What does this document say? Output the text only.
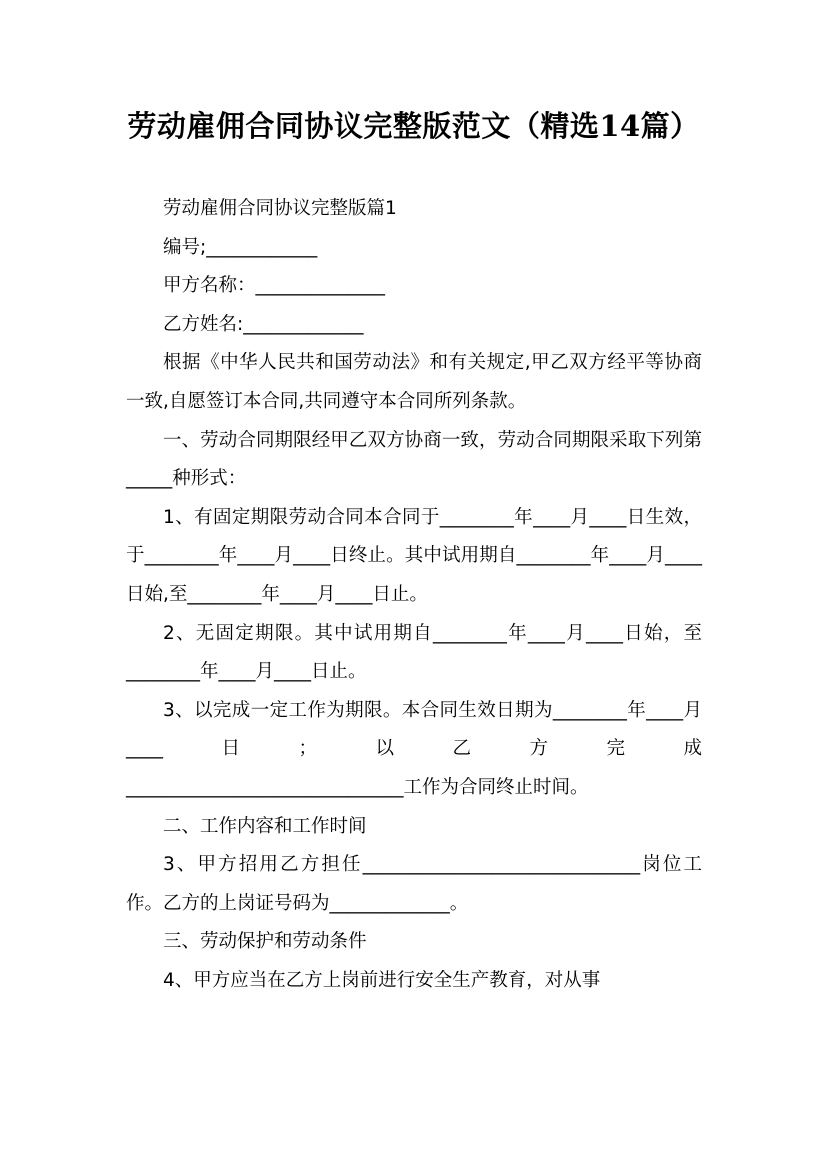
劳动雇佣合同协议完整版范文（精选14篇）

劳动雇佣合同协议完整版篇1

编号;____________

甲方名称：______________

乙方姓名:_____________

根据《中华人民共和国劳动法》和有关规定,甲乙双方经平等协商一致,自愿签订本合同,共同遵守本合同所列条款。

一、劳动合同期限经甲乙双方协商一致，劳动合同期限采取下列第_____种形式：

1、有固定期限劳动合同本合同于________年____月____日生效，于________年____月____日终止。其中试用期自________年____月____日始,至________年____月____日止。

2、无固定期限。其中试用期自________年____月____日始，至________年____月____日止。

3、以完成一定工作为期限。本合同生效日期为________年____月____日；以乙方完成

______________________________工作为合同终止时间。

二、工作内容和工作时间

3、甲方招用乙方担任______________________________岗位工作。乙方的上岗证号码为_____________。

三、劳动保护和劳动条件

4、甲方应当在乙方上岗前进行安全生产教育，对从事
